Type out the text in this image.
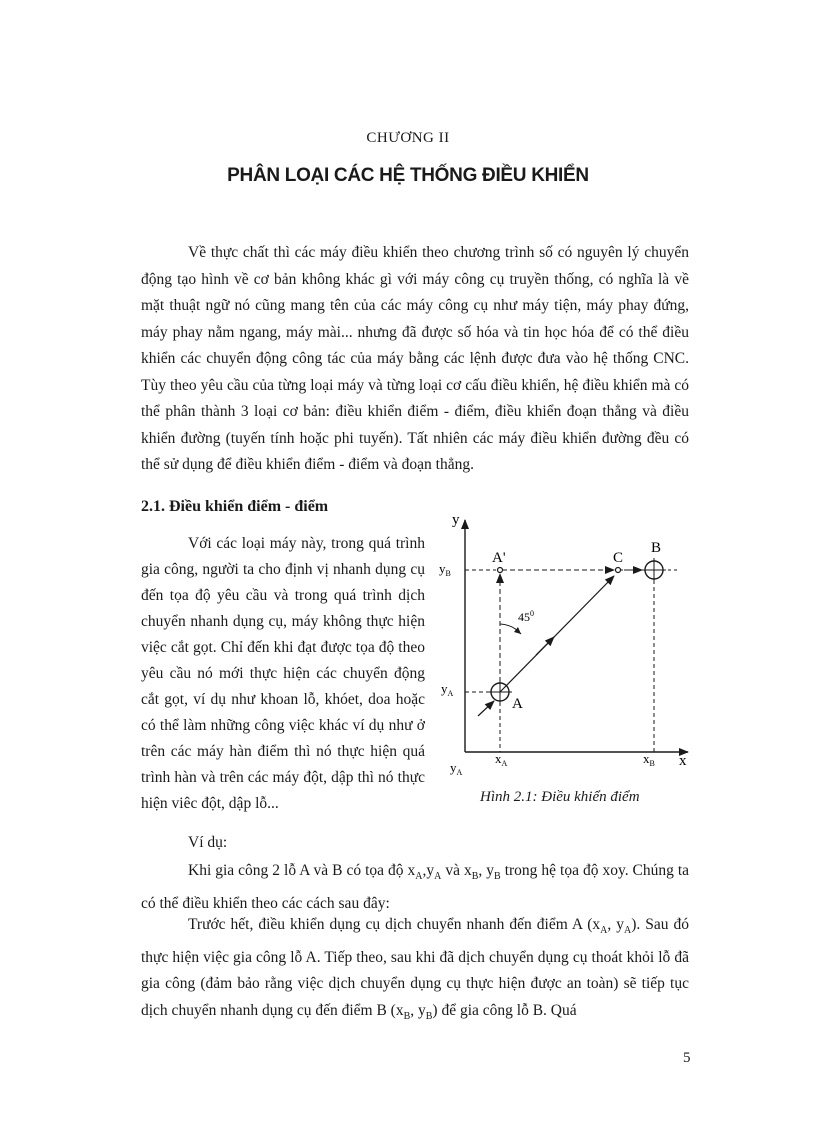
CHƯƠNG II
PHÂN LOẠI CÁC HỆ THỐNG ĐIỀU KHIỂN

Về thực chất thì các máy điều khiển theo chương trình số có nguyên lý chuyển động tạo hình về cơ bản không khác gì với máy công cụ truyền thống, có nghĩa là về mặt thuật ngữ nó cũng mang tên của các máy công cụ như máy tiện, máy phay đứng, máy phay nằm ngang, máy mài... nhưng đã được số hóa và tin học hóa để có thể điều khiển các chuyển động công tác của máy bằng các lệnh được đưa vào hệ thống CNC. Tùy theo yêu cầu của từng loại máy và từng loại cơ cấu điều khiển, hệ điều khiển mà có thể phân thành 3 loại cơ bản: điều khiển điểm - điểm, điều khiển đoạn thẳng và điều khiển đường (tuyến tính hoặc phi tuyến). Tất nhiên các máy điều khiển đường đều có thể sử dụng để điều khiển điểm - điểm và đoạn thẳng.

2.1. Điều khiển điểm - điểm

Với các loại máy này, trong quá trình gia công, người ta cho định vị nhanh dụng cụ đến tọa độ yêu cầu và trong quá trình dịch chuyển nhanh dụng cụ, máy không thực hiện việc cắt gọt. Chỉ đến khi đạt được tọa độ theo yêu cầu nó mới thực hiện các chuyển động cắt gọt, ví dụ như khoan lỗ, khóet, doa hoặc có thể làm những công việc khác ví dụ như ở trên các máy hàn điểm thì nó thực hiện quá trình hàn và trên các máy đột, dập thì nó thực hiện viêc đột, dập lỗ...

y
x
$y_B$
$y_A$
$y_A$
$x_A$	$x_B$
$45^0$
A
A'
B
C
Hình 2.1: Điều khiển điểm

Ví dụ:

Khi gia công 2 lỗ A và B có tọa độ $x_A,y_A$ và $x_B$, $y_B$ trong hệ tọa độ xoy. Chúng ta có thể điều khiển theo các cách sau đây:

Trước hết, điều khiển dụng cụ dịch chuyển nhanh đến điểm A ($x_A$, $y_A$). Sau đó thực hiện việc gia công lỗ A. Tiếp theo, sau khi đã dịch chuyển dụng cụ thoát khỏi lỗ đã gia công (đảm bảo rằng việc dịch chuyển dụng cụ thực hiện được an toàn) sẽ tiếp tục dịch chuyển nhanh dụng cụ đến điểm B ($x_B$, $y_B$) để gia công lỗ B. Quá

5
